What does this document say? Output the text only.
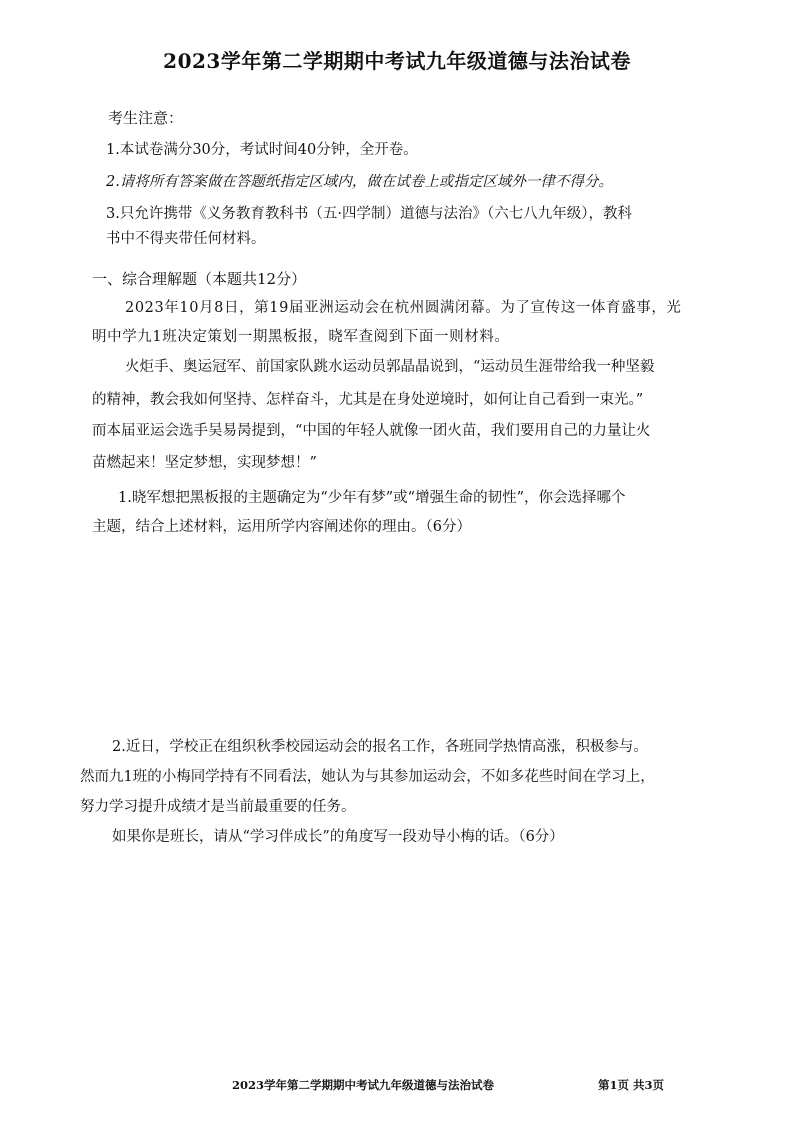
2023学年第二学期期中考试九年级道德与法治试卷
考生注意：
1.本试卷满分30分，考试时间40分钟，全开卷。
2.请将所有答案做在答题纸指定区域内，做在试卷上或指定区域外一律不得分。
3.只允许携带《义务教育教科书（五·四学制）道德与法治》（六七八九年级），教科
书中不得夹带任何材料。
一、综合理解题（本题共12分）
2023年10月8日，第19届亚洲运动会在杭州圆满闭幕。为了宣传这一体育盛事，光
明中学九1班决定策划一期黑板报，晓军查阅到下面一则材料。
火炬手、奥运冠军、前国家队跳水运动员郭晶晶说到，“运动员生涯带给我一种坚毅
的精神，教会我如何坚持、怎样奋斗，尤其是在身处逆境时，如何让自己看到一束光。”
而本届亚运会选手吴易昺提到，“中国的年轻人就像一团火苗，我们要用自己的力量让火
苗燃起来！坚定梦想，实现梦想！”
1.晓军想把黑板报的主题确定为“少年有梦”或“增强生命的韧性”，你会选择哪个
主题，结合上述材料，运用所学内容阐述你的理由。（6分）
2.近日，学校正在组织秋季校园运动会的报名工作，各班同学热情高涨，积极参与。
然而九1班的小梅同学持有不同看法，她认为与其参加运动会，不如多花些时间在学习上，
努力学习提升成绩才是当前最重要的任务。
如果你是班长，请从“学习伴成长”的角度写一段劝导小梅的话。（6分）
2023学年第二学期期中考试九年级道德与法治试卷	第1页 共3页
